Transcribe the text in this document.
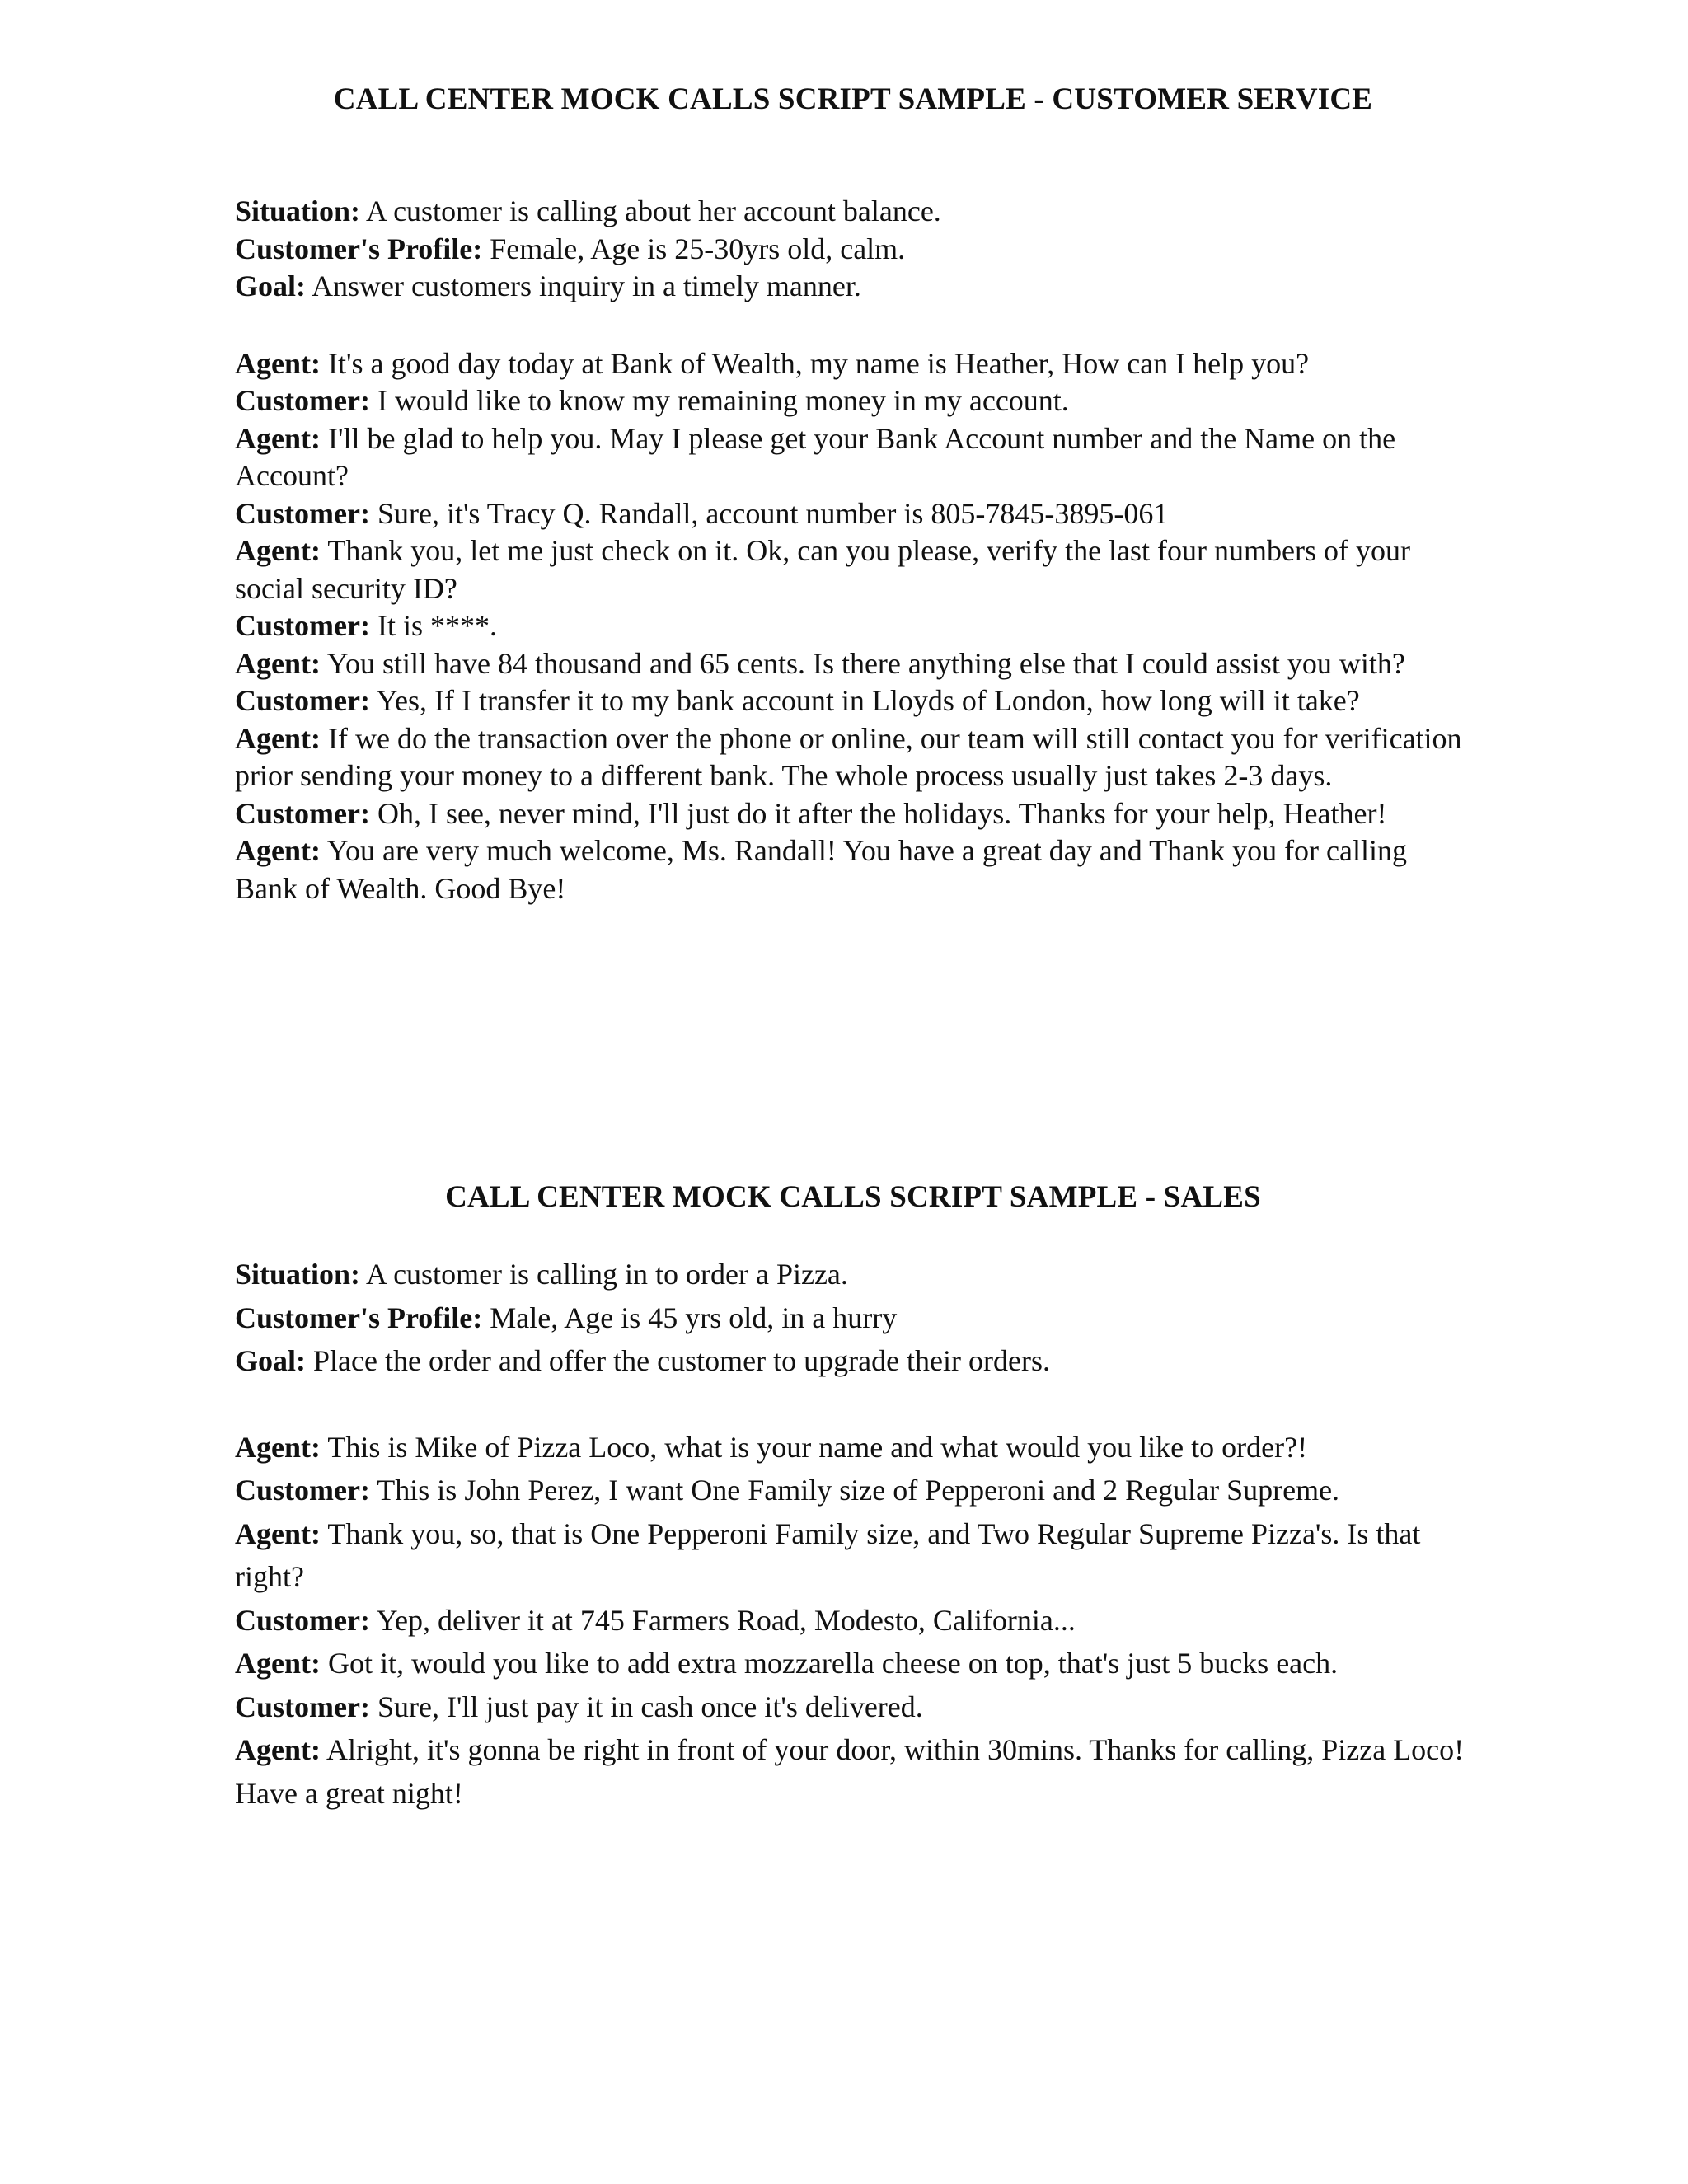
CALL CENTER MOCK CALLS SCRIPT SAMPLE - CUSTOMER SERVICE

Situation: A customer is calling about her account balance.

Customer's Profile: Female, Age is 25-30yrs old, calm.

Goal: Answer customers inquiry in a timely manner.

Agent: It's a good day today at Bank of Wealth, my name is Heather, How can I help you?

Customer: I would like to know my remaining money in my account.

Agent: I'll be glad to help you. May I please get your Bank Account number and the Name on the Account?

Customer: Sure, it's Tracy Q. Randall, account number is 805-7845-3895-061

Agent: Thank you, let me just check on it. Ok, can you please, verify the last four numbers of your social security ID?

Customer: It is ****.

Agent: You still have 84 thousand and 65 cents. Is there anything else that I could assist you with?

Customer: Yes, If I transfer it to my bank account in Lloyds of London, how long will it take?

Agent: If we do the transaction over the phone or online, our team will still contact you for verification prior sending your money to a different bank. The whole process usually just takes 2-3 days.

Customer: Oh, I see, never mind, I'll just do it after the holidays. Thanks for your help, Heather!

Agent: You are very much welcome, Ms. Randall! You have a great day and Thank you for calling Bank of Wealth. Good Bye!

CALL CENTER MOCK CALLS SCRIPT SAMPLE - SALES

Situation: A customer is calling in to order a Pizza.

Customer's Profile: Male, Age is 45 yrs old, in a hurry

Goal: Place the order and offer the customer to upgrade their orders.

Agent: This is Mike of Pizza Loco, what is your name and what would you like to order?!

Customer: This is John Perez, I want One Family size of Pepperoni and 2 Regular Supreme.

Agent: Thank you, so, that is One Pepperoni Family size, and Two Regular Supreme Pizza's. Is that right?

Customer: Yep, deliver it at 745 Farmers Road, Modesto, California...

Agent: Got it, would you like to add extra mozzarella cheese on top, that's just 5 bucks each.

Customer: Sure, I'll just pay it in cash once it's delivered.

Agent: Alright, it's gonna be right in front of your door, within 30mins. Thanks for calling, Pizza Loco! Have a great night!
